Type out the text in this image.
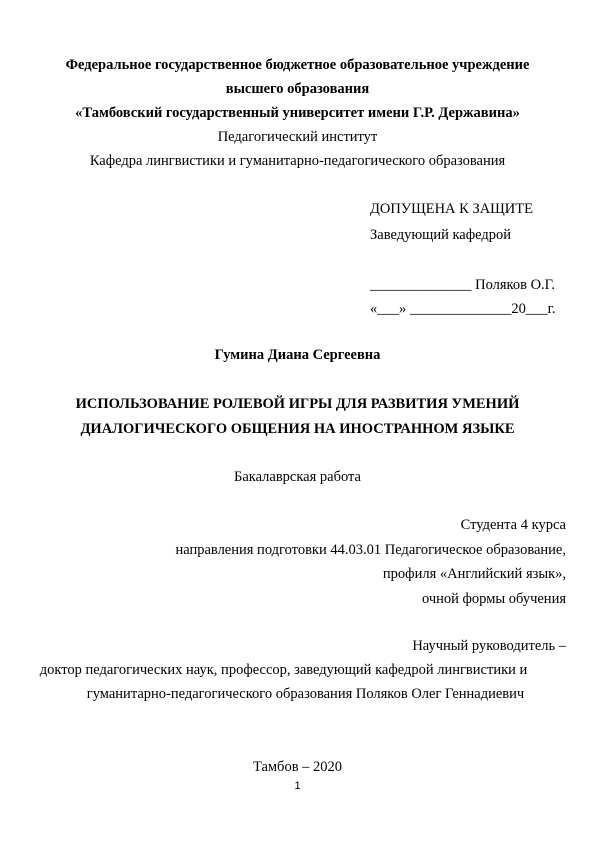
Федеральное государственное бюджетное образовательное учреждение
высшего образования
«Тамбовский государственный университет имени Г.Р. Державина»
Педагогический институт
Кафедра лингвистики и гуманитарно-педагогического образования
ДОПУЩЕНА К ЗАЩИТЕ
Заведующий кафедрой
______________ Поляков О.Г.
«___» ______________20___г.
Гумина Диана Сергеевна
ИСПОЛЬЗОВАНИЕ РОЛЕВОЙ ИГРЫ ДЛЯ РАЗВИТИЯ УМЕНИЙ
ДИАЛОГИЧЕСКОГО ОБЩЕНИЯ НА ИНОСТРАННОМ ЯЗЫКЕ
Бакалаврская работа
Студента 4 курса
направления подготовки 44.03.01 Педагогическое образование,
профиля «Английский язык»,
очной формы обучения
Научный руководитель –
доктор педагогических наук, профессор, заведующий кафедрой лингвистики и
гуманитарно-педагогического образования Поляков Олег Геннадиевич
Тамбов – 2020
1
